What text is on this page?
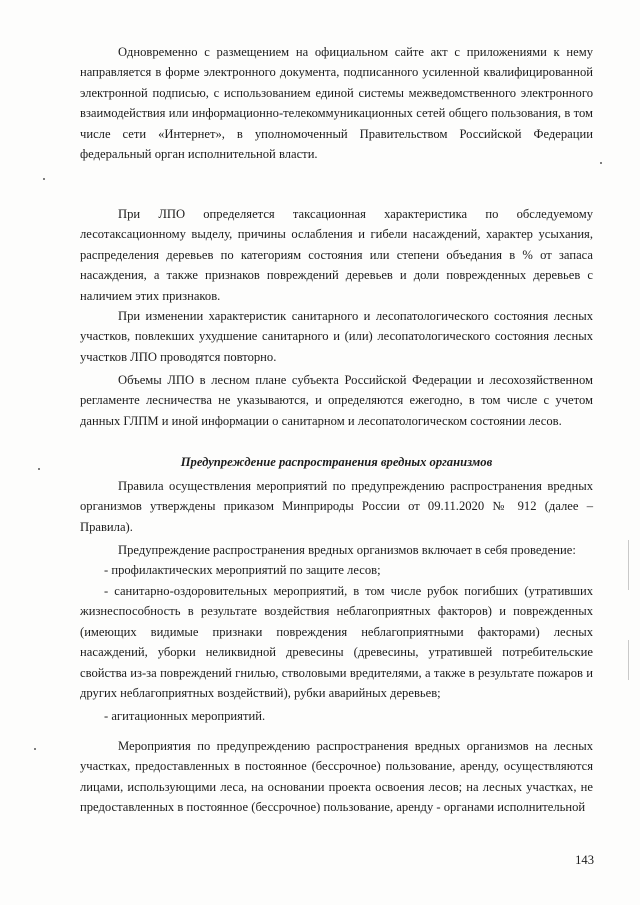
Одновременно с размещением на официальном сайте акт с приложениями к нему направляется в форме электронного документа, подписанного усиленной квалифицированной электронной подписью, с использованием единой системы межведомственного электронного взаимодействия или информационно-телекоммуникационных сетей общего пользования, в том числе сети «Интернет», в уполномоченный Правительством Российской Федерации федеральный орган исполнительной власти.

При ЛПО определяется таксационная характеристика по обследуемому лесотаксационному выделу, причины ослабления и гибели насаждений, характер усыхания, распределения деревьев по категориям состояния или степени объедания в % от запаса насаждения, а также признаков повреждений деревьев и доли поврежденных деревьев с наличием этих признаков.

При изменении характеристик санитарного и лесопатологического состояния лесных участков, повлекших ухудшение санитарного и (или) лесопатологического состояния лесных участков ЛПО проводятся повторно.

Объемы ЛПО в лесном плане субъекта Российской Федерации и лесохозяйственном регламенте лесничества не указываются, и определяются ежегодно, в том числе с учетом данных ГЛПМ и иной информации о санитарном и лесопатологическом состоянии лесов.

Предупреждение распространения вредных организмов

Правила осуществления мероприятий по предупреждению распространения вредных организмов утверждены приказом Минприроды России от 09.11.2020 № 912 (далее – Правила).

Предупреждение распространения вредных организмов включает в себя проведение:

- профилактических мероприятий по защите лесов;

- санитарно-оздоровительных мероприятий, в том числе рубок погибших (утративших жизнеспособность в результате воздействия неблагоприятных факторов) и поврежденных (имеющих видимые признаки повреждения неблагоприятными факторами) лесных насаждений, уборки неликвидной древесины (древесины, утратившей потребительские свойства из-за повреждений гнилью, стволовыми вредителями, а также в результате пожаров и других неблагоприятных воздействий), рубки аварийных деревьев;

- агитационных мероприятий.

Мероприятия по предупреждению распространения вредных организмов на лесных участках, предоставленных в постоянное (бессрочное) пользование, аренду, осуществляются лицами, использующими леса, на основании проекта освоения лесов; на лесных участках, не предоставленных в постоянное (бессрочное) пользование, аренду - органами исполнительной

143
